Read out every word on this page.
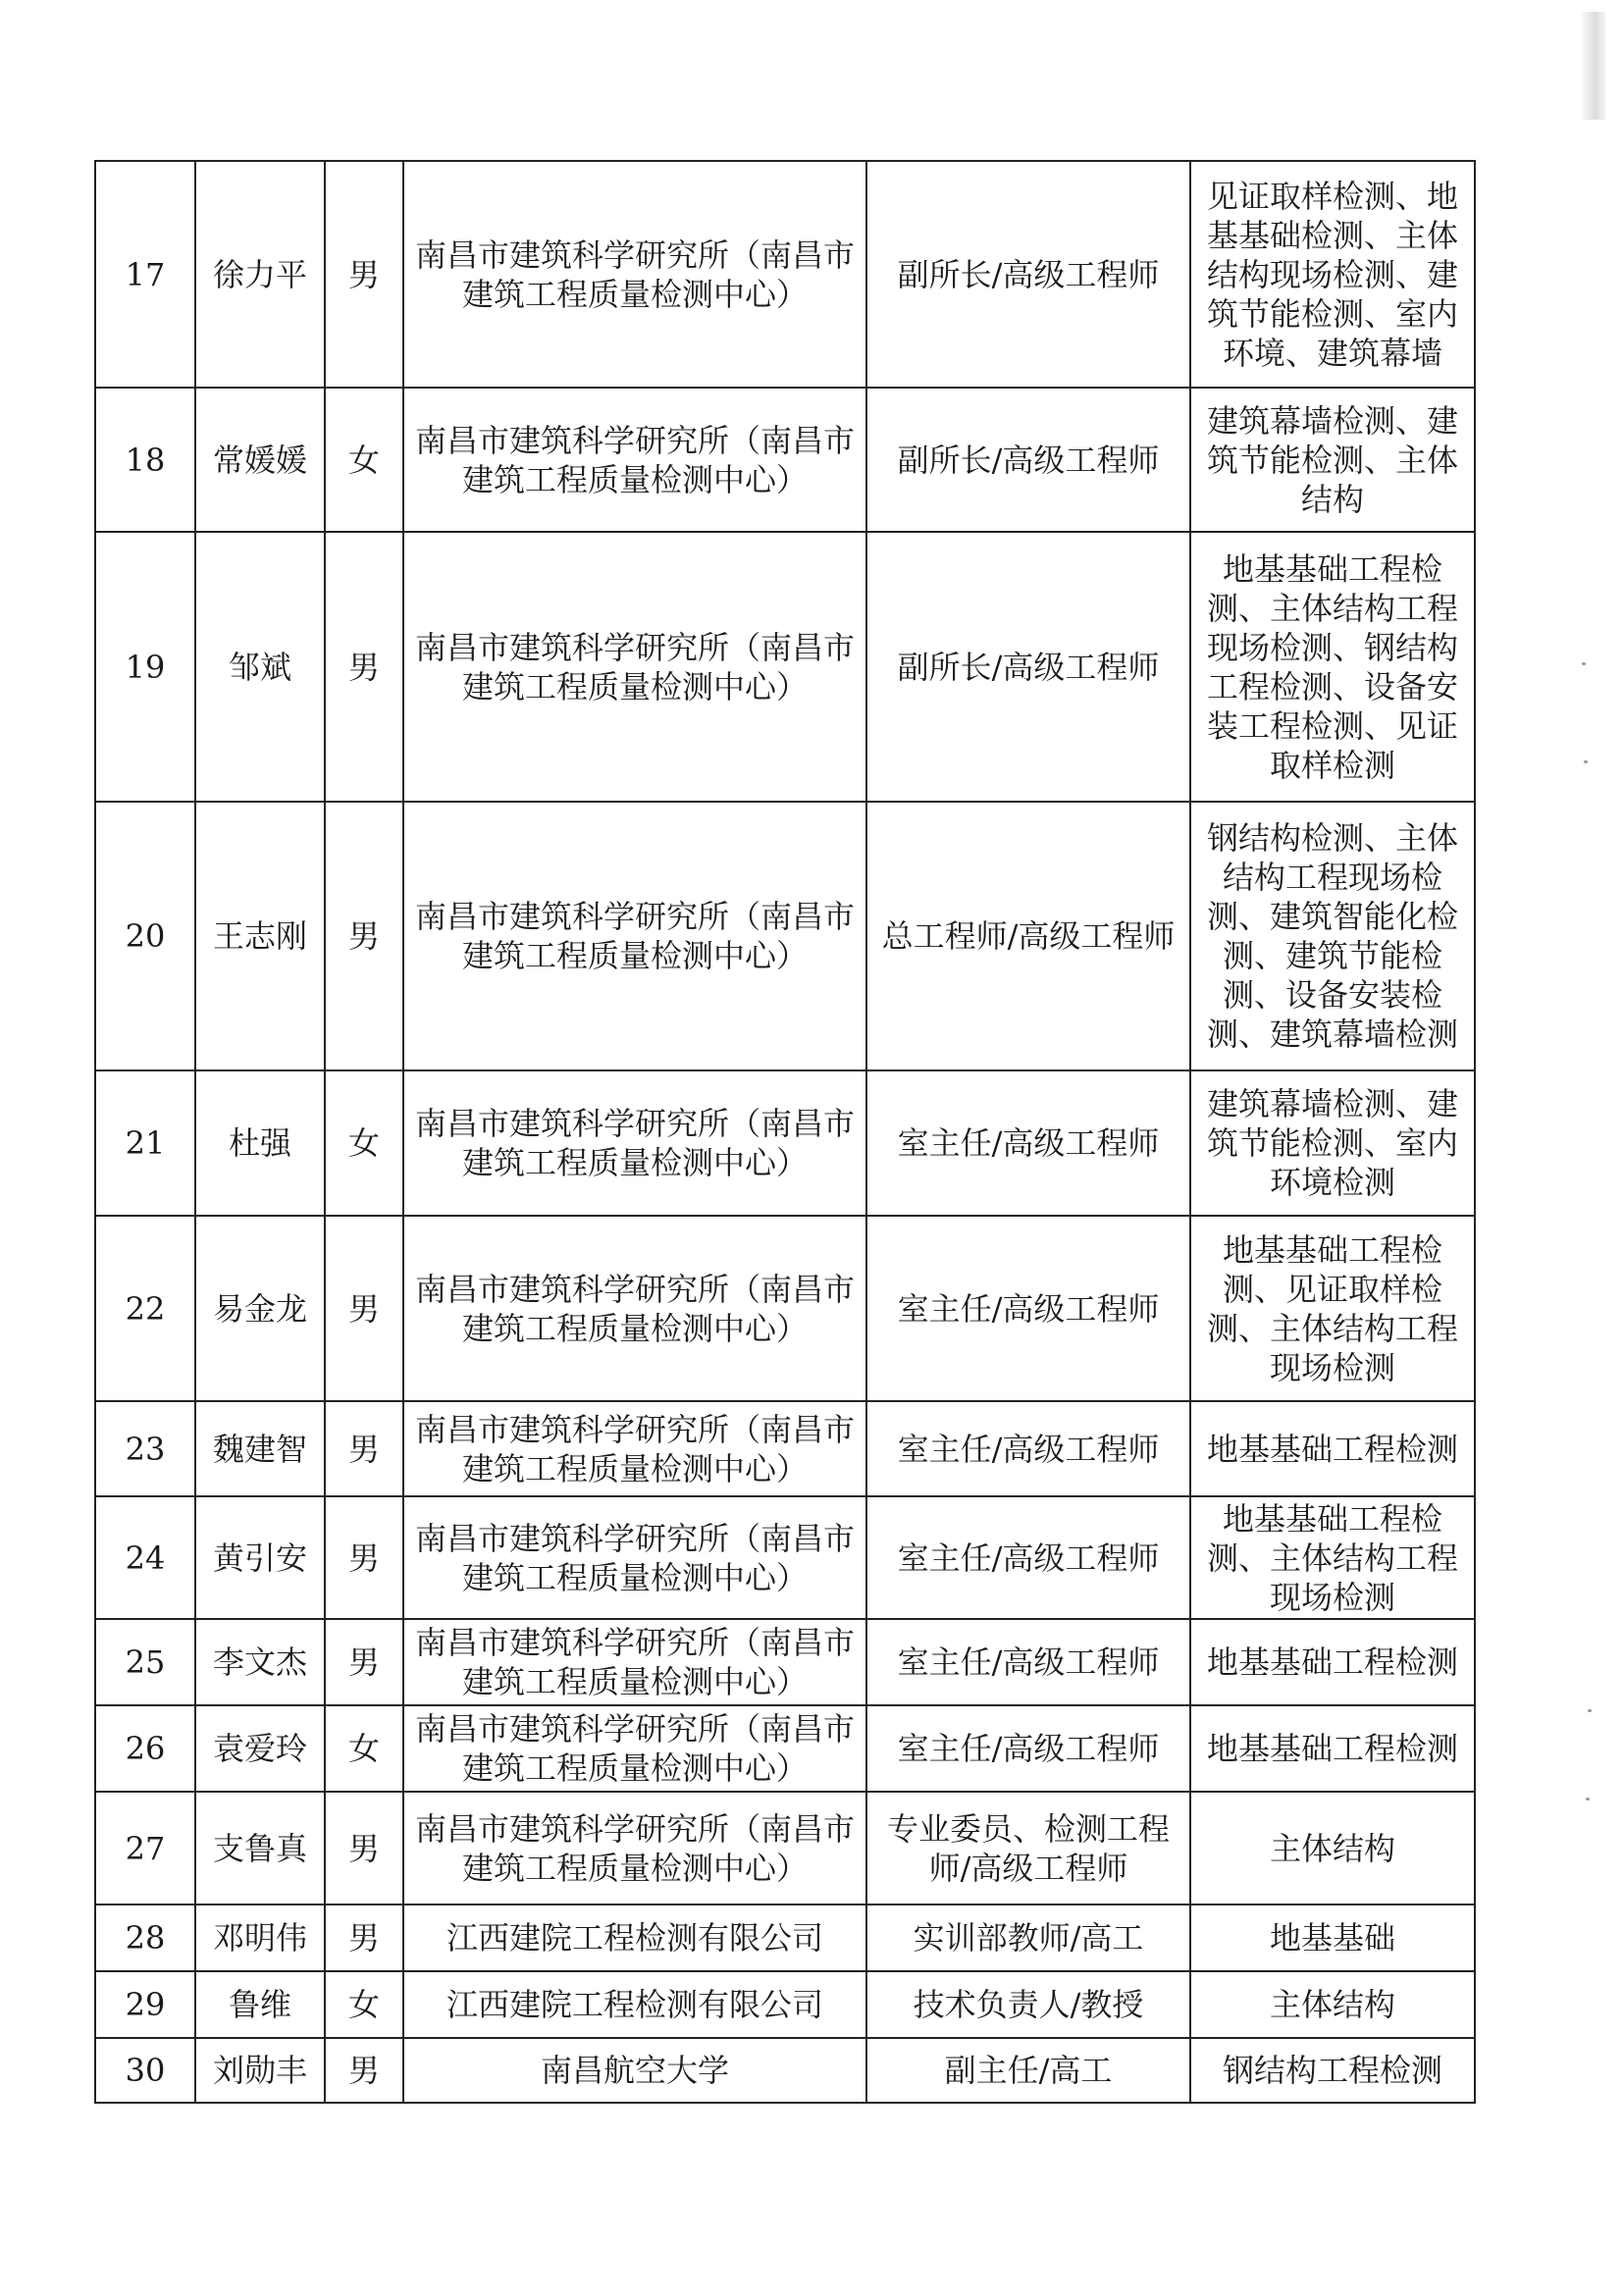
17	徐力平	男	南昌市建筑科学研究所（南昌市建筑工程质量检测中心）	副所长/高级工程师	见证取样检测、地基基础检测、主体结构现场检测、建筑节能检测、室内环境、建筑幕墙
18	常媛媛	女	南昌市建筑科学研究所（南昌市建筑工程质量检测中心）	副所长/高级工程师	建筑幕墙检测、建筑节能检测、主体结构
19	邹斌	男	南昌市建筑科学研究所（南昌市建筑工程质量检测中心）	副所长/高级工程师	地基基础工程检测、主体结构工程现场检测、钢结构工程检测、设备安装工程检测、见证取样检测
20	王志刚	男	南昌市建筑科学研究所（南昌市建筑工程质量检测中心）	总工程师/高级工程师	钢结构检测、主体结构工程现场检测、建筑智能化检测、建筑节能检测、设备安装检测、建筑幕墙检测
21	杜强	女	南昌市建筑科学研究所（南昌市建筑工程质量检测中心）	室主任/高级工程师	建筑幕墙检测、建筑节能检测、室内环境检测
22	易金龙	男	南昌市建筑科学研究所（南昌市建筑工程质量检测中心）	室主任/高级工程师	地基基础工程检测、见证取样检测、主体结构工程现场检测
23	魏建智	男	南昌市建筑科学研究所（南昌市建筑工程质量检测中心）	室主任/高级工程师	地基基础工程检测
24	黄引安	男	南昌市建筑科学研究所（南昌市建筑工程质量检测中心）	室主任/高级工程师	地基基础工程检测、主体结构工程现场检测
25	李文杰	男	南昌市建筑科学研究所（南昌市建筑工程质量检测中心）	室主任/高级工程师	地基基础工程检测
26	袁爱玲	女	南昌市建筑科学研究所（南昌市建筑工程质量检测中心）	室主任/高级工程师	地基基础工程检测
27	支鲁真	男	南昌市建筑科学研究所（南昌市建筑工程质量检测中心）	专业委员、检测工程师/高级工程师	主体结构
28	邓明伟	男	江西建院工程检测有限公司	实训部教师/高工	地基基础
29	鲁维	女	江西建院工程检测有限公司	技术负责人/教授	主体结构
30	刘勋丰	男	南昌航空大学	副主任/高工	钢结构工程检测
